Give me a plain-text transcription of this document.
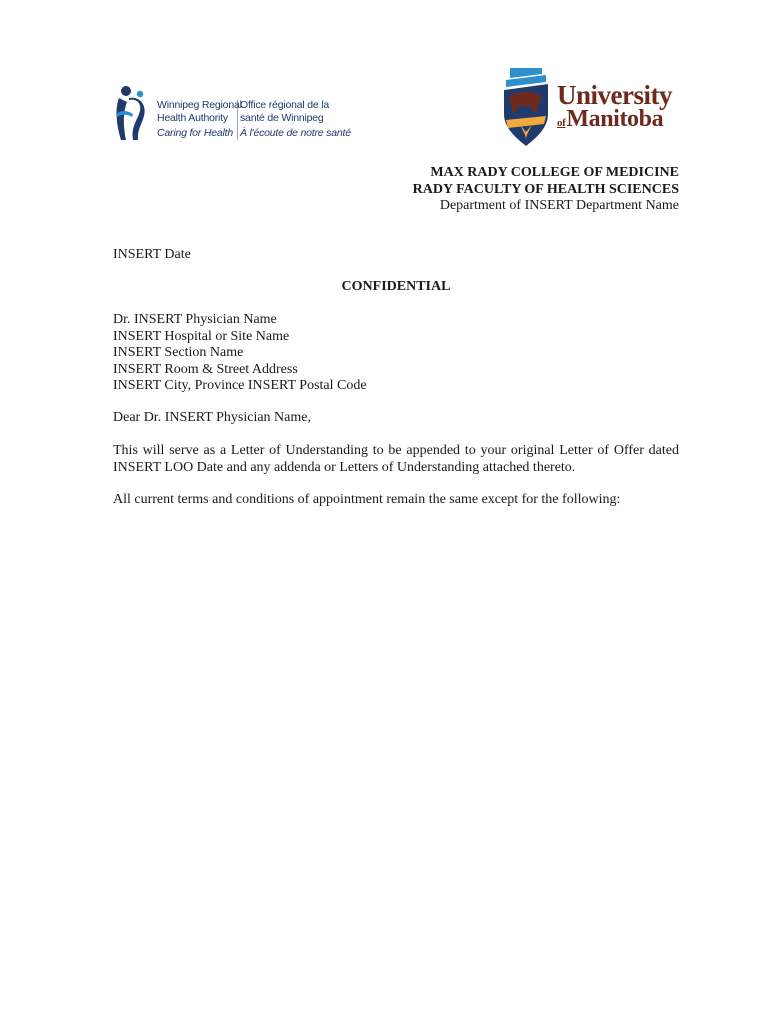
Winnipeg Regional
Health Authority
Office régional de la
santé de Winnipeg
Caring for Health À l'écoute de notre santé
University
ofManitoba
MAX RADY COLLEGE OF MEDICINE
RADY FACULTY OF HEALTH SCIENCES
Department of INSERT Department Name
INSERT Date
CONFIDENTIAL
Dr. INSERT Physician Name
INSERT Hospital or Site Name
INSERT Section Name
INSERT Room & Street Address
INSERT City, Province INSERT Postal Code
Dear Dr. INSERT Physician Name,
This will serve as a Letter of Understanding to be appended to your original Letter of Offer dated INSERT LOO Date and any addenda or Letters of Understanding attached thereto.
All current terms and conditions of appointment remain the same except for the following:
